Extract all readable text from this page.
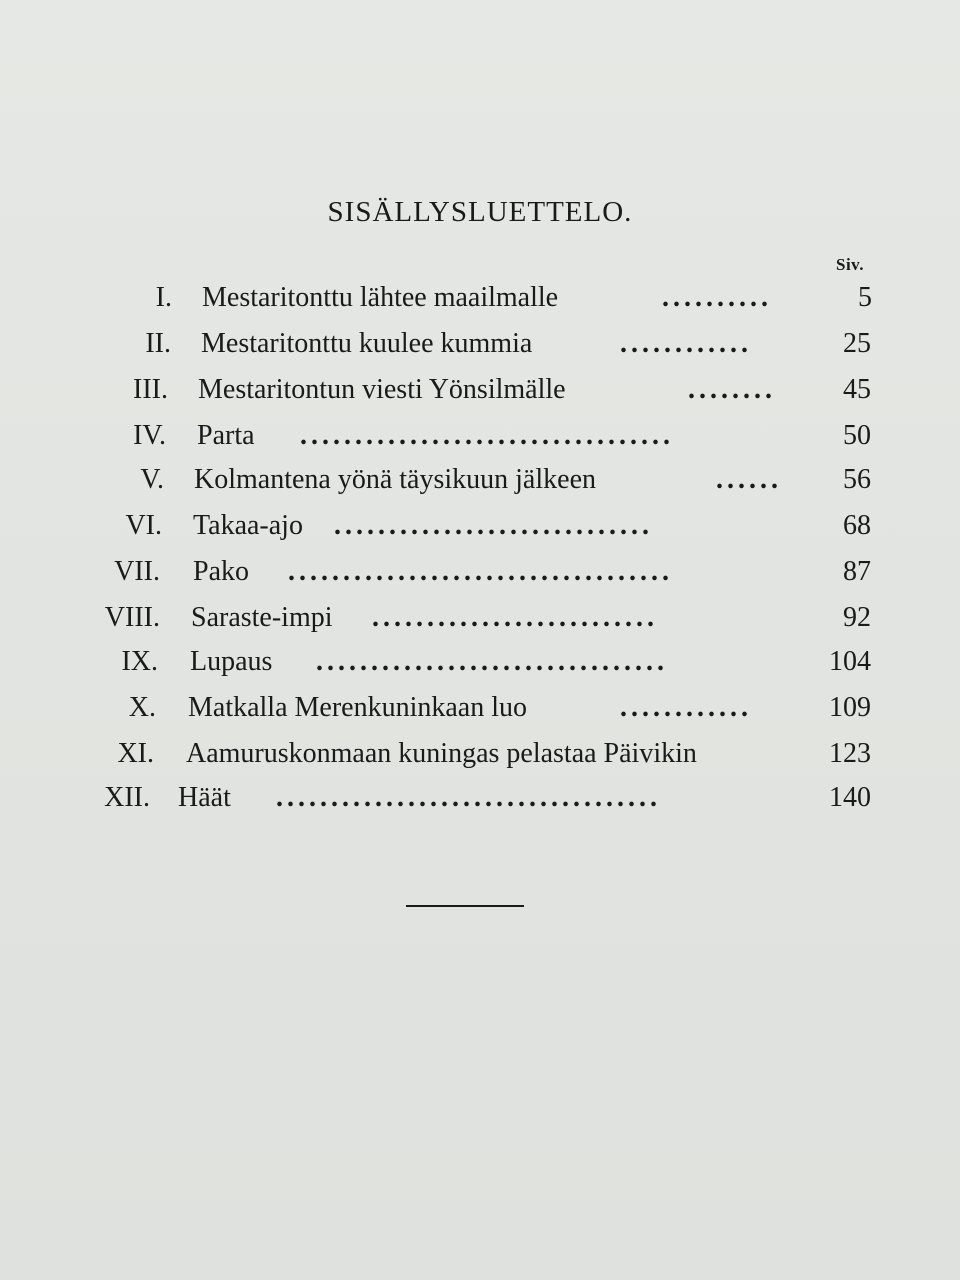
SISÄLLYSLUETTELO.
Siv.
I. Mestaritonttu lähtee maailmalle	..........	5
II. Mestaritonttu kuulee kummia	............	25
III. Mestaritontun viesti Yönsilmälle	........	45
IV. Parta ..................................	50
V. Kolmantena yönä täysikuun jälkeen	......	56
VI. Takaa-ajo .............................	68
VII. Pako ...................................	87
VIII. Saraste-impi ..........................	92
IX. Lupaus ................................	104
X. Matkalla Merenkuninkaan luo	............	109
XI. Aamuruskonmaan kuningas pelastaa Päivikin	123
XII. Häät ...................................	140
